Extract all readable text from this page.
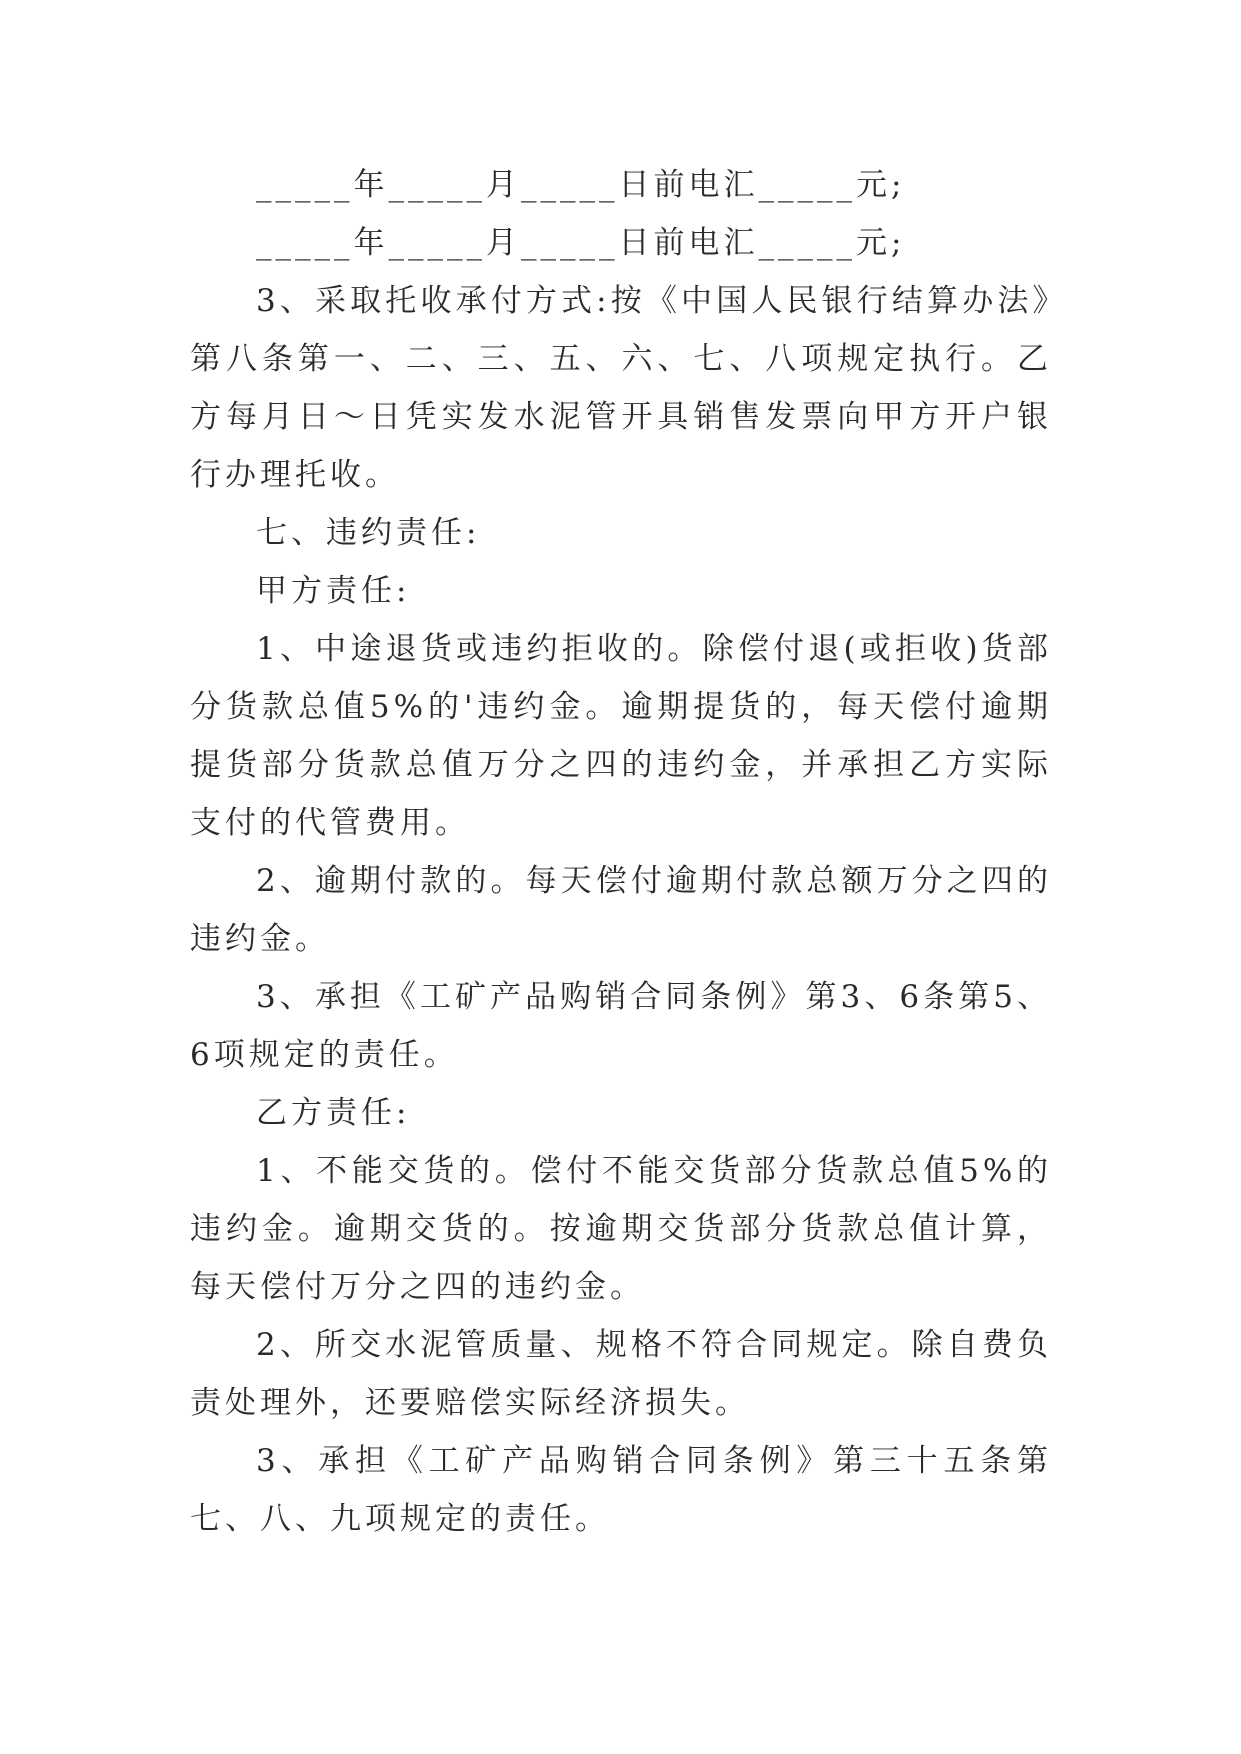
_____年_____月_____日前电汇_____元;

_____年_____月_____日前电汇_____元;

3、采取托收承付方式:按《中国人民银行结算办法》第八条第一、二、三、五、六、七、八项规定执行。乙方每月日～日凭实发水泥管开具销售发票向甲方开户银行办理托收。

七、违约责任:

甲方责任:

1、中途退货或违约拒收的。除偿付退(或拒收)货部分货款总值5%的'违约金。逾期提货的，每天偿付逾期提货部分货款总值万分之四的违约金，并承担乙方实际支付的代管费用。

2、逾期付款的。每天偿付逾期付款总额万分之四的违约金。

3、承担《工矿产品购销合同条例》第3、6条第5、6项规定的责任。

乙方责任:

1、不能交货的。偿付不能交货部分货款总值5%的违约金。逾期交货的。按逾期交货部分货款总值计算，每天偿付万分之四的违约金。

2、所交水泥管质量、规格不符合同规定。除自费负责处理外，还要赔偿实际经济损失。

3、承担《工矿产品购销合同条例》第三十五条第七、八、九项规定的责任。
